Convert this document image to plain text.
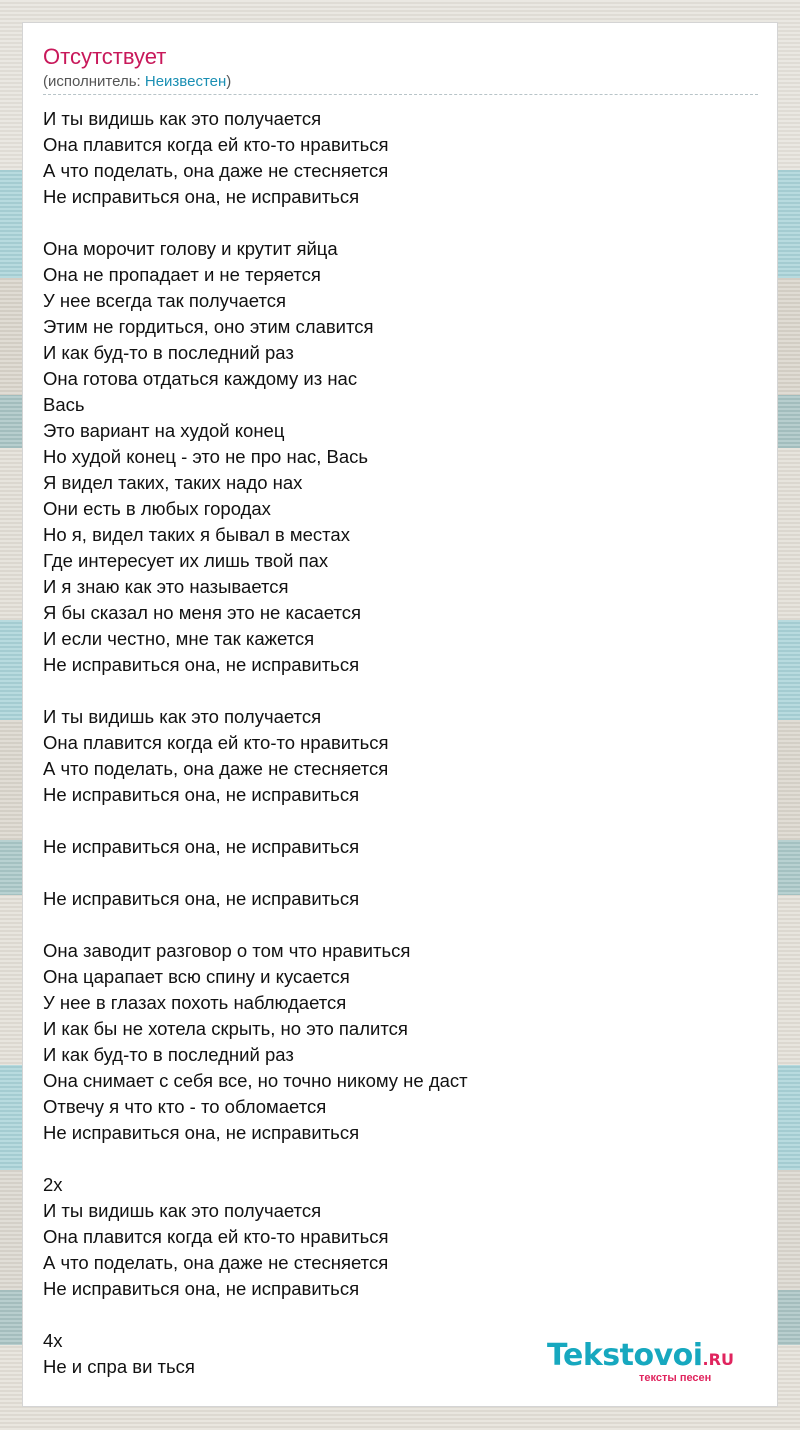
Отсутствует
(исполнитель: Неизвестен)
И ты видишь как это получается
Она плавится когда ей кто-то нравиться
А что поделать, она даже не стесняется
Не исправиться она, не исправиться
Она морочит голову и крутит яйца
Она не пропадает и не теряется
У нее всегда так получается
Этим не гордиться, оно этим славится
И как буд-то в последний раз
Она готова отдаться каждому из нас
Вась
Это вариант на худой конец
Но худой конец - это не про нас, Вась
Я видел таких, таких надо нах
Они есть в любых городах
Но я, видел таких я бывал в местах
Где интересует их лишь твой пах
И я знаю как это называется
Я бы сказал но меня это не касается
И если честно, мне так кажется
Не исправиться она, не исправиться
И ты видишь как это получается
Она плавится когда ей кто-то нравиться
А что поделать, она даже не стесняется
Не исправиться она, не исправиться
Не исправиться она, не исправиться
Не исправиться она, не исправиться
Она заводит разговор о том что нравиться
Она царапает всю спину и кусается
У нее в глазах похоть наблюдается
И как бы не хотела скрыть, но это палится
И как буд-то в последний раз
Она снимает с себя все, но точно никому не даст
Отвечу я что кто - то обломается
Не исправиться она, не исправиться
2х
И ты видишь как это получается
Она плавится когда ей кто-то нравиться
А что поделать, она даже не стесняется
Не исправиться она, не исправиться
4х
Не и спра ви ться	Tekstovoi.RU
тексты песен
